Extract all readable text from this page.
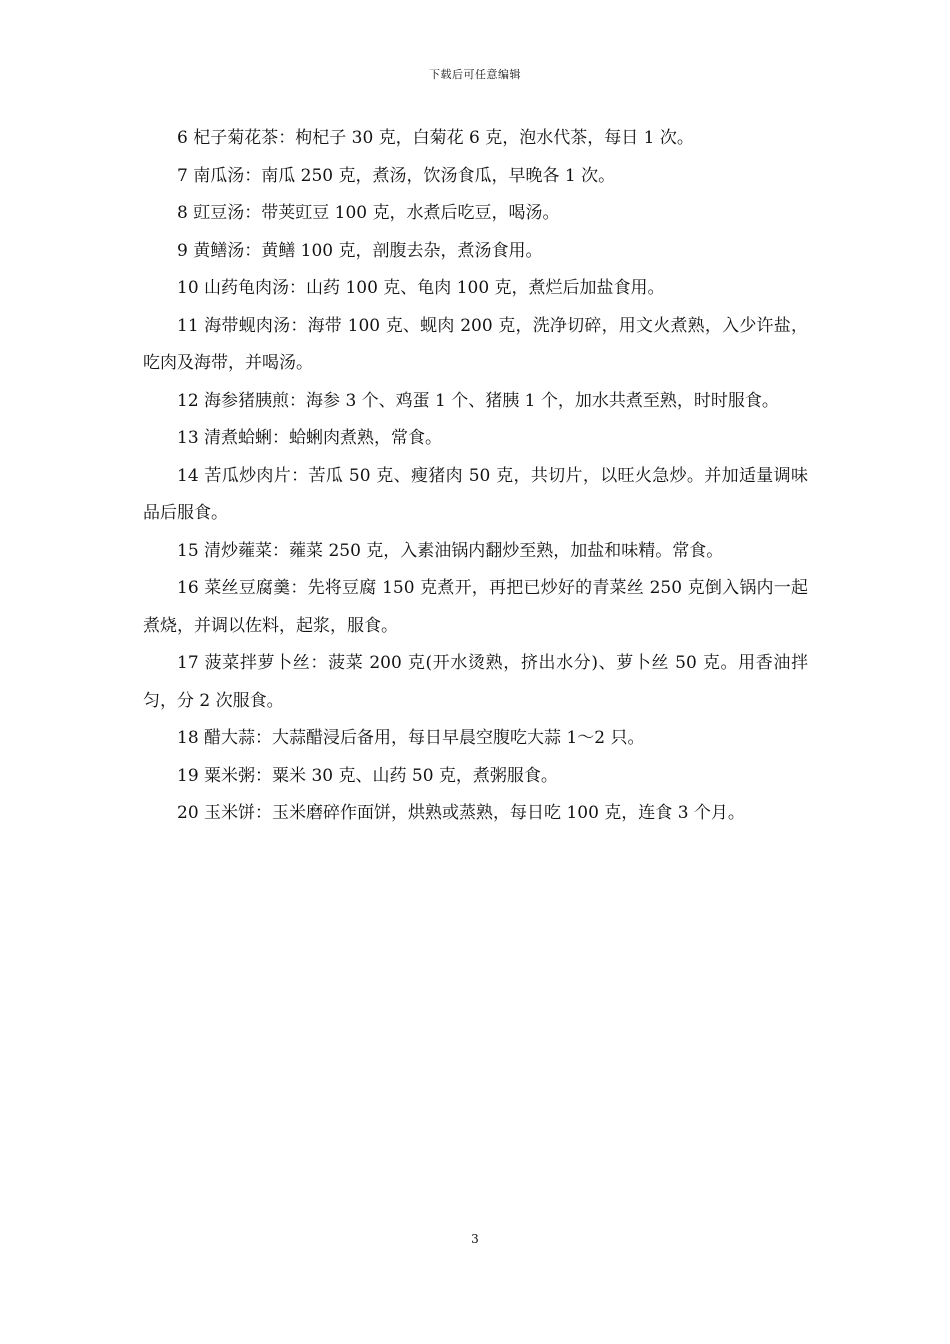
下载后可任意编辑

6 杞子菊花茶：枸杞子 30 克，白菊花 6 克，泡水代茶，每日 1 次。

7 南瓜汤：南瓜 250 克，煮汤，饮汤食瓜，早晚各 1 次。

8 豇豆汤：带荚豇豆 100 克，水煮后吃豆，喝汤。

9 黄鳝汤：黄鳝 100 克，剖腹去杂，煮汤食用。

10 山药龟肉汤：山药 100 克、龟肉 100 克，煮烂后加盐食用。

11 海带蚬肉汤：海带 100 克、蚬肉 200 克，洗净切碎，用文火煮熟，入少许盐，吃肉及海带，并喝汤。

12 海参猪胰煎：海参 3 个、鸡蛋 1 个、猪胰 1 个，加水共煮至熟，时时服食。

13 清煮蛤蜊：蛤蜊肉煮熟，常食。

14 苦瓜炒肉片：苦瓜 50 克、瘦猪肉 50 克，共切片，以旺火急炒。并加适量调味品后服食。

15 清炒蕹菜：蕹菜 250 克，入素油锅内翻炒至熟，加盐和味精。常食。

16 菜丝豆腐羹：先将豆腐 150 克煮开，再把已炒好的青菜丝 250 克倒入锅内一起煮烧，并调以佐料，起浆，服食。

17 菠菜拌萝卜丝：菠菜 200 克(开水烫熟，挤出水分)、萝卜丝 50 克。用香油拌匀，分 2 次服食。

18 醋大蒜：大蒜醋浸后备用，每日早晨空腹吃大蒜 1～2 只。

19 粟米粥：粟米 30 克、山药 50 克，煮粥服食。

20 玉米饼：玉米磨碎作面饼，烘熟或蒸熟，每日吃 100 克，连食 3 个月。

3
